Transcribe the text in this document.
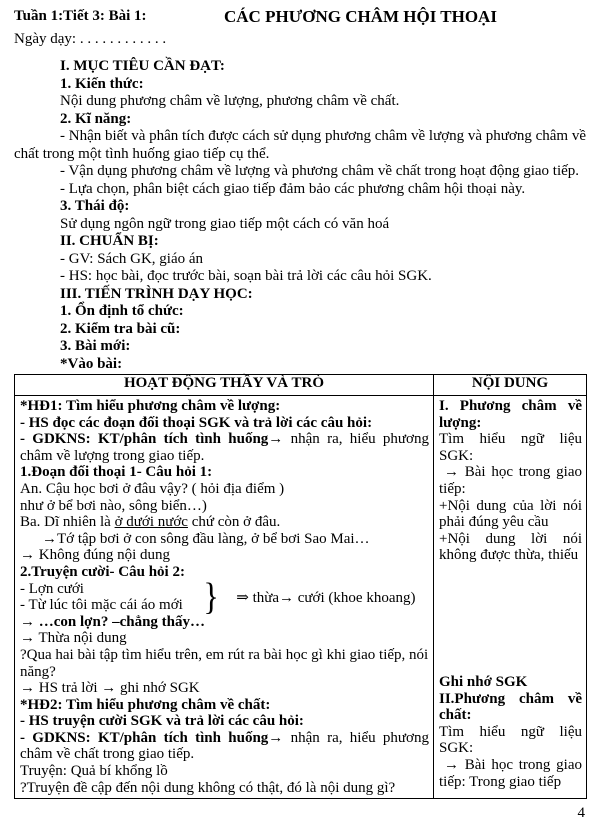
Tuần 1:Tiết 3: Bài 1:	CÁC PHƯƠNG CHÂM HỘI THOẠI
Ngày dạy: . . . . . . . . . . . .
I. MỤC TIÊU CẦN ĐẠT:
1. Kiến thức:
Nội dung phương châm về lượng, phương châm về chất.
2. Kĩ năng:
- Nhận biết và phân tích được cách sử dụng phương châm về lượng và phương châm về chất trong một tình huống giao tiếp cụ thể.
- Vận dụng phương châm về lượng và phương châm về chất trong hoạt động giao tiếp.
- Lựa chọn, phân biệt cách giao tiếp đảm bảo các phương châm hội thoại này.
3. Thái độ:
Sử dụng ngôn ngữ trong giao tiếp một cách có văn hoá
II. CHUẨN BỊ:
- GV: Sách GK, giáo án
- HS: học bài, đọc trước bài, soạn bài trả lời các câu hỏi SGK.
III. TIẾN TRÌNH DẠY HỌC:
1. Ổn định tổ chức:
2. Kiểm tra bài cũ:
3. Bài mới:
*Vào bài:
HOẠT ĐỘNG THẦY VÀ TRÒ	NỘI DUNG

*HĐ1: Tìm hiểu phương châm về lượng:
- HS đọc các đoạn đối thoại SGK và trả lời các câu hỏi:
- GDKNS: KT/phân tích tình huống→ nhận ra, hiểu phương châm về lượng trong giao tiếp.
1.Đoạn đối thoại 1- Câu hỏi 1:
An. Cậu học bơi ở đâu vậy? ( hỏi địa điểm )
như ở bể bơi nào, sông biển…)
Ba. Dĩ nhiên là ở dưới nước chứ còn ở đâu.
→Tớ tập bơi ở con sông đầu làng, ở bể bơi Sao Mai…
→ Không đúng nội dung
2.Truyện cười- Câu hỏi 2:
- Lợn cưới
- Từ lúc tôi mặc cái áo mới } ⇒ thừa→ cưới (khoe khoang)
→ …con lợn? –chẳng thấy…
→ Thừa nội dung
?Qua hai bài tập tìm hiểu trên, em rút ra bài học gì khi giao tiếp, nói năng?
→ HS trả lời → ghi nhớ SGK
*HĐ2: Tìm hiểu phương châm về chất:
- HS truyện cười SGK và trả lời các câu hỏi:
- GDKNS: KT/phân tích tình huống→ nhận ra, hiểu phương châm về chất trong giao tiếp.
Truyện: Quả bí khổng lồ
?Truyện đề cập đến nội dung không có thật, đó là nội dung gì?

I. Phương châm về lượng:
Tìm hiểu ngữ liệu SGK:
→ Bài học trong giao tiếp:
+Nội dung của lời nói phải đúng yêu cầu
+Nội dung lời nói không được thừa, thiếu
Ghi nhớ SGK
II.Phương châm về chất:
Tìm hiểu ngữ liệu SGK:
→ Bài học trong giao tiếp: Trong giao tiếp
4
